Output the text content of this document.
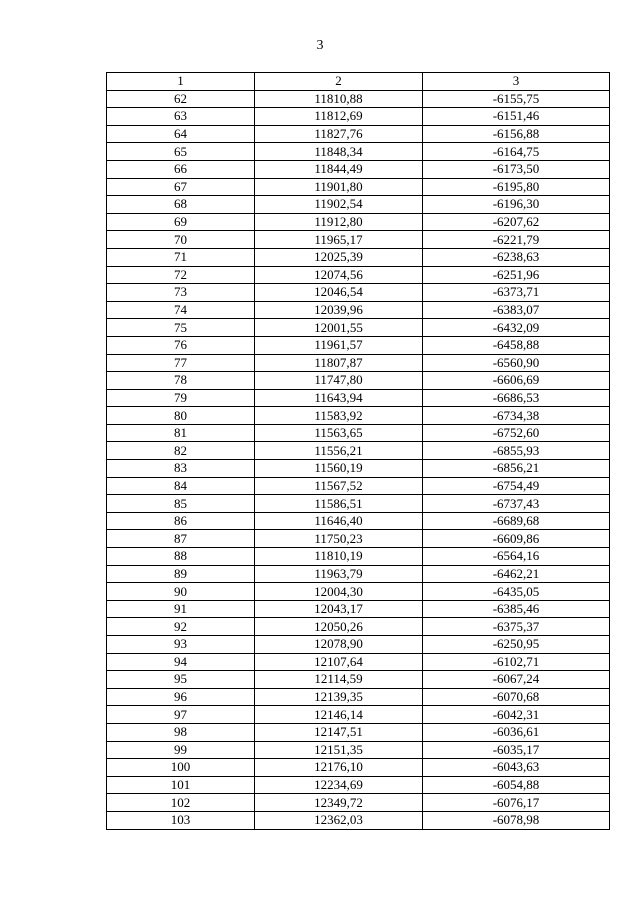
3
1	2	3
62	11810,88	-6155,75
63	11812,69	-6151,46
64	11827,76	-6156,88
65	11848,34	-6164,75
66	11844,49	-6173,50
67	11901,80	-6195,80
68	11902,54	-6196,30
69	11912,80	-6207,62
70	11965,17	-6221,79
71	12025,39	-6238,63
72	12074,56	-6251,96
73	12046,54	-6373,71
74	12039,96	-6383,07
75	12001,55	-6432,09
76	11961,57	-6458,88
77	11807,87	-6560,90
78	11747,80	-6606,69
79	11643,94	-6686,53
80	11583,92	-6734,38
81	11563,65	-6752,60
82	11556,21	-6855,93
83	11560,19	-6856,21
84	11567,52	-6754,49
85	11586,51	-6737,43
86	11646,40	-6689,68
87	11750,23	-6609,86
88	11810,19	-6564,16
89	11963,79	-6462,21
90	12004,30	-6435,05
91	12043,17	-6385,46
92	12050,26	-6375,37
93	12078,90	-6250,95
94	12107,64	-6102,71
95	12114,59	-6067,24
96	12139,35	-6070,68
97	12146,14	-6042,31
98	12147,51	-6036,61
99	12151,35	-6035,17
100	12176,10	-6043,63
101	12234,69	-6054,88
102	12349,72	-6076,17
103	12362,03	-6078,98
